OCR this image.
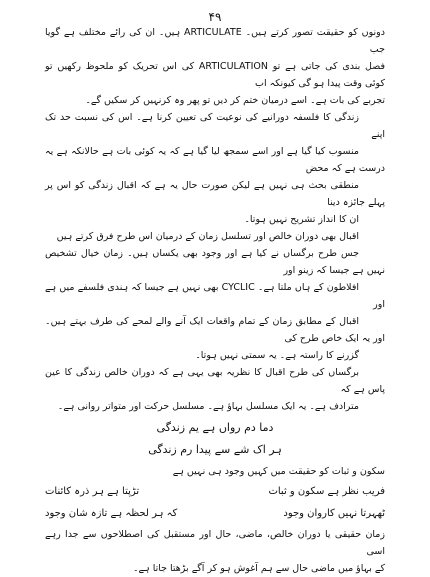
۴۹
دونوں کو حقیقت تصور کرتے ہیں۔ ARTICULATE ہیں۔ ان کی رائے مختلف ہے گویا جب
فصل بندی کی جاتی ہے تو ARTICULATION کی اس تحریک کو ملحوظ رکھیں تو کوئی وقت پیدا ہو گی کیونکہ اب
تجربے کی بات ہے۔ اسے درمیان ختم کر دیں تو پھر وہ کرنہیں کر سکیں گے۔
زندگی کا فلسفہ دورانیے کی نوعیت کی تعیین کرنا ہے۔ اس کی نسبت حد تک اپنے
منسوب کیا گیا ہے اور اسے سمجھ لیا گیا ہے کہ یہ کوئی بات ہے حالانکہ ہے یہ درست ہے کہ محض
منطقی بحث ہی نہیں ہے لیکن صورت حال یہ ہے کہ اقبال زندگی کو اس پر پہلے جائزہ دینا
ان کا انداز تشریح نہیں ہوتا۔
اقبال بھی دوران خالص اور تسلسل زمان کے درمیان اس طرح فرق کرتے ہیں
جس طرح برگساں نے کیا ہے اور وجود بھی یکساں ہیں۔ زمان خیال تشخیص نہیں ہے جیسا کہ زینو اور
افلاطون کے ہاں ملتا ہے۔ CYCLIC بھی نہیں ہے جیسا کہ ہندی فلسفے میں ہے اور
اقبال کے مطابق زمان کے تمام واقعات ایک آنے والے لمحے کی طرف بہتے ہیں۔ اور یہ ایک خاص طرح کی
گزرنے کا راستہ ہے۔ یہ سمتی نہیں ہوتا۔
برگساں کی طرح اقبال کا نظریہ بھی یہی ہے کہ دوران خالص زندگی کا عین پاس ہے کہ
مترادف ہے۔ یہ ایک مسلسل بہاؤ ہے۔ مسلسل حرکت اور متواتر روانی ہے۔
دما دم رواں ہے یم زندگی
ہر اک شے سے پیدا رم زندگی
سکون و ثبات کو حقیقت میں کہیں وجود ہی نہیں ہے
فریب نظر ہے سکون و ثبات
تڑپتا ہے ہر ذرہ کائنات
ٹھہرتا نہیں کاروان وجود
کہ ہر لحظہ ہے تازہ شان وجود
زمان حقیقی یا دوران خالص، ماضی، حال اور مستقبل کی اصطلاحوں سے جدا رہے اسی
کے بہاؤ میں ماضی حال سے ہم آغوش ہو کر آگے بڑھتا جاتا ہے۔
